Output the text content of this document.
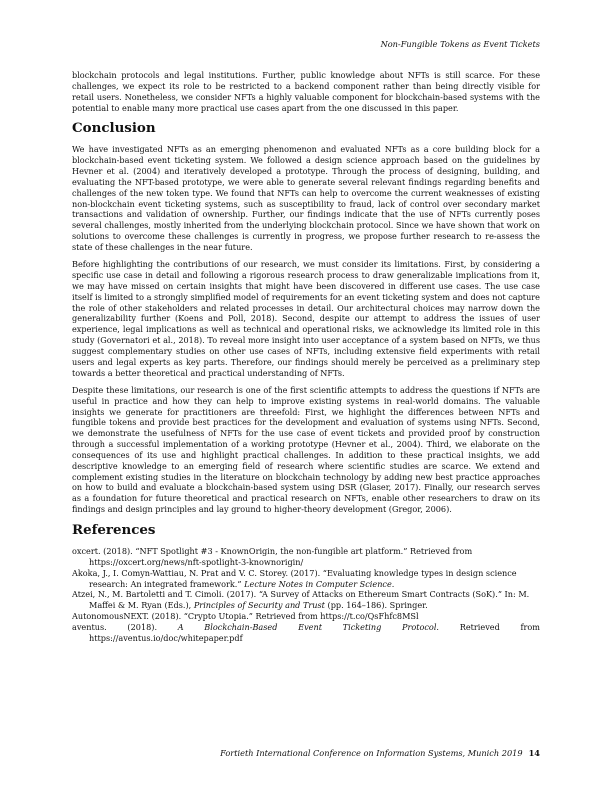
Non-Fungible Tokens as Event Tickets

blockchain protocols and legal institutions. Further, public knowledge about NFTs is still scarce. For these challenges, we expect its role to be restricted to a backend component rather than being directly visible for retail users. Nonetheless, we consider NFTs a highly valuable component for blockchain-based systems with the potential to enable many more practical use cases apart from the one discussed in this paper.

Conclusion

We have investigated NFTs as an emerging phenomenon and evaluated NFTs as a core building block for a blockchain-based event ticketing system. We followed a design science approach based on the guidelines by Hevner et al. (2004) and iteratively developed a prototype. Through the process of designing, building, and evaluating the NFT-based prototype, we were able to generate several relevant findings regarding benefits and challenges of the new token type. We found that NFTs can help to overcome the current weaknesses of existing non-blockchain event ticketing systems, such as susceptibility to fraud, lack of control over secondary market transactions and validation of ownership. Further, our findings indicate that the use of NFTs currently poses several challenges, mostly inherited from the underlying blockchain protocol. Since we have shown that work on solutions to overcome these challenges is currently in progress, we propose further research to re-assess the state of these challenges in the near future.

Before highlighting the contributions of our research, we must consider its limitations. First, by considering a specific use case in detail and following a rigorous research process to draw generalizable implications from it, we may have missed on certain insights that might have been discovered in different use cases. The use case itself is limited to a strongly simplified model of requirements for an event ticketing system and does not capture the role of other stakeholders and related processes in detail. Our architectural choices may narrow down the generalizability further (Koens and Poll, 2018). Second, despite our attempt to address the issues of user experience, legal implications as well as technical and operational risks, we acknowledge its limited role in this study (Governatori et al., 2018). To reveal more insight into user acceptance of a system based on NFTs, we thus suggest complementary studies on other use cases of NFTs, including extensive field experiments with retail users and legal experts as key parts. Therefore, our findings should merely be perceived as a preliminary step towards a better theoretical and practical understanding of NFTs.

Despite these limitations, our research is one of the first scientific attempts to address the questions if NFTs are useful in practice and how they can help to improve existing systems in real-world domains. The valuable insights we generate for practitioners are threefold: First, we highlight the differences between NFTs and fungible tokens and provide best practices for the development and evaluation of systems using NFTs. Second, we demonstrate the usefulness of NFTs for the use case of event tickets and provided proof by construction through a successful implementation of a working prototype (Hevner et al., 2004). Third, we elaborate on the consequences of its use and highlight practical challenges. In addition to these practical insights, we add descriptive knowledge to an emerging field of research where scientific studies are scarce. We extend and complement existing studies in the literature on blockchain technology by adding new best practice approaches on how to build and evaluate a blockchain-based system using DSR (Glaser, 2017). Finally, our research serves as a foundation for future theoretical and practical research on NFTs, enable other researchers to draw on its findings and design principles and lay ground to higher-theory development (Gregor, 2006).

References
oxcert. (2018). “NFT Spotlight #3 - KnownOrigin, the non-fungible art platform.” Retrieved from https://oxcert.org/news/nft-spotlight-3-knownorigin/
Akoka, J., I. Comyn-Wattiau, N. Prat and V. C. Storey. (2017). “Evaluating knowledge types in design science research: An integrated framework.” Lecture Notes in Computer Science.
Atzei, N., M. Bartoletti and T. Cimoli. (2017). “A Survey of Attacks on Ethereum Smart Contracts (SoK).” In: M. Maffei & M. Ryan (Eds.), Principles of Security and Trust (pp. 164–186). Springer.
AutonomousNEXT. (2018). “Crypto Utopia.” Retrieved from https://t.co/QsFhfc8MSl
aventus. (2018). A Blockchain-Based Event Ticketing Protocol. Retrieved from https://aventus.io/doc/whitepaper.pdf
Fortieth International Conference on Information Systems, Munich 2019 14
